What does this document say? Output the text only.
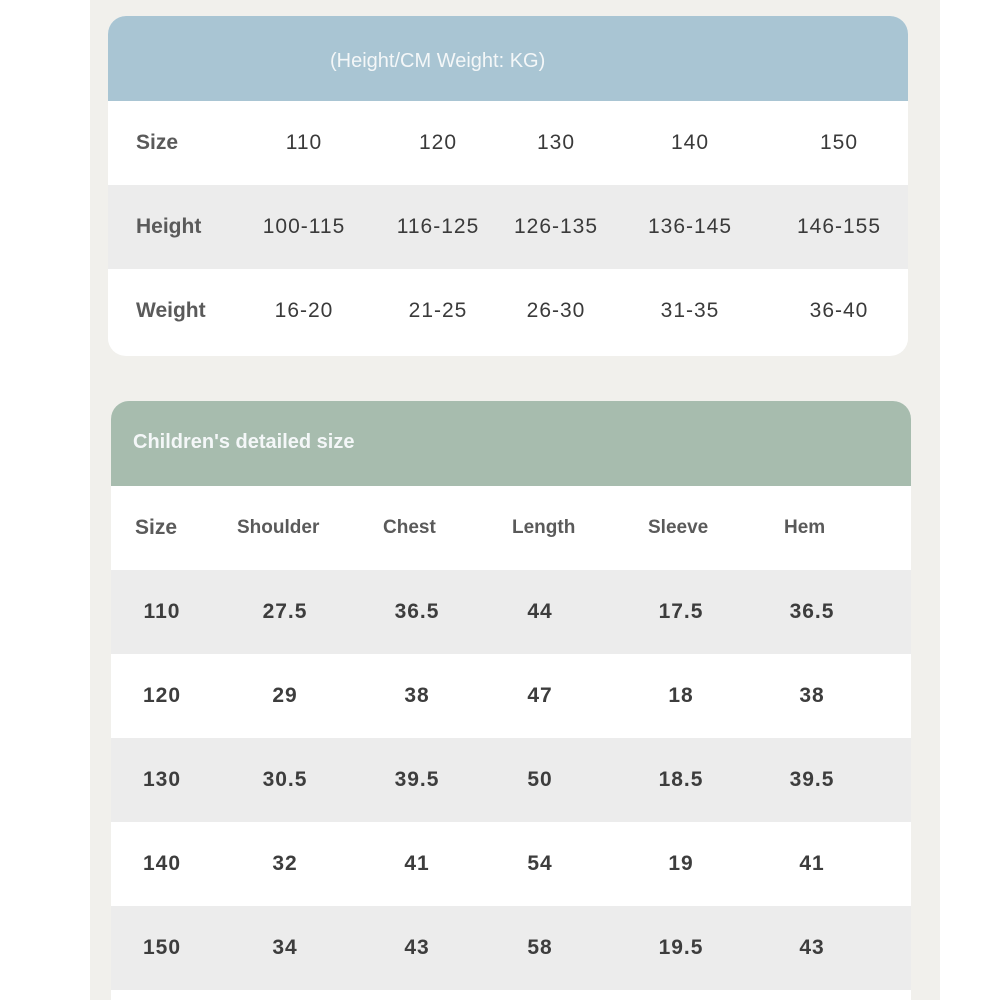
(Height/CM Weight: KG)
Size	110	120	130	140	150
Height	100-115 116-125 126-135 136-145	146-155
Weight	16-20	21-25	26-30	31-35	36-40
Children's detailed size
Size	Shoulder	Chest	Length	Sleeve	Hem
110	27.5	36.5	44	17.5	36.5
120	29	38	47	18	38
130	30.5	39.5	50	18.5	39.5
140	32	41	54	19	41
150	34	43	58	19.5	43
